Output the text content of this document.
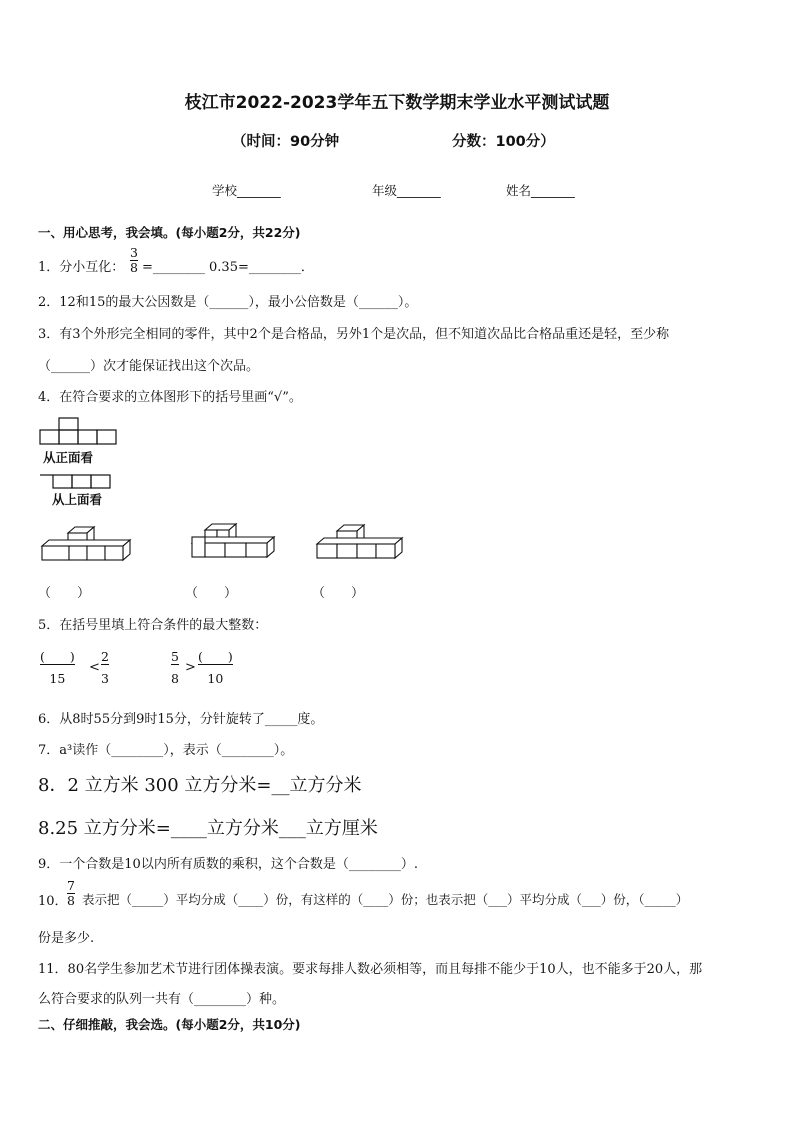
枝江市2022-2023学年五下数学期末学业水平测试试题
（时间：90分钟	分数：100分）
学校_______	年级_______	姓名_______
一、用心思考，我会填。(每小题2分，共22分)
1．分小互化：
3
8 =________ 0.35=________．
2．12和15的最大公因数是（______），最小公倍数是（______）。
3．有3个外形完全相同的零件，其中2个是合格品，另外1个是次品，但不知道次品比合格品重还是轻，至少称
（______）次才能保证找出这个次品。
4．在符合要求的立体图形下的括号里画“√”。
从正面看
从上面看
（　　）	（　　）	（　　）
5．在括号里填上符合条件的最大整数：
(　　)
15
<
2
3
5
8
>
(　　)
10
6．从8时55分到9时15分，分针旋转了_____度。
7．a³读作（________），表示（________）。
8．2 立方米 300 立方分米=__立方分米
8.25 立方分米=____立方分米___立方厘米
9．一个合数是10以内所有质数的乘积，这个合数是（________）.
10．
7
8 表示把（_____）平均分成（____）份，有这样的（____）份；也表示把（___）平均分成（___）份，（_____）
份是多少.
11．80名学生参加艺术节进行团体操表演。要求每排人数必须相等，而且每排不能少于10人，也不能多于20人，那
么符合要求的队列一共有（________）种。
二、仔细推敲，我会选。(每小题2分，共10分)
